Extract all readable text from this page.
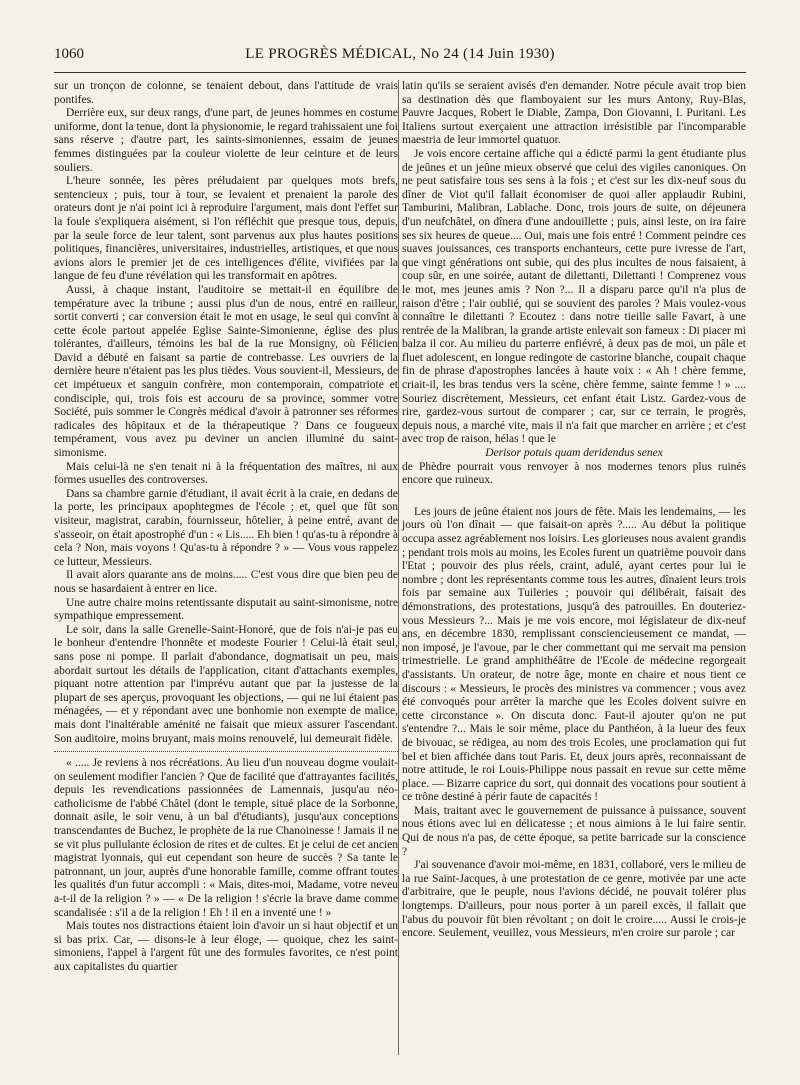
1060	LE PROGRÈS MÉDICAL, No 24 (14 Juin 1930)

sur un tronçon de colonne, se tenaient debout, dans l'attitude de vrais pontifes.

Derrière eux, sur deux rangs, d'une part, de jeunes hommes en costume uniforme, dont la tenue, dont la physionomie, le regard trahissaient une foi sans réserve ; d'autre part, les saints-simoniennes, essaim de jeunes femmes distinguées par la couleur violette de leur ceinture et de leurs souliers.

L'heure sonnée, les pères préludaient par quelques mots brefs, sentencieux ; puis, tour à tour, se levaient et prenaient la parole des orateurs dont je n'ai point ici à reproduire l'argument, mais dont l'effet sur la foule s'expliquera aisément, si l'on réfléchit que presque tous, depuis, par la seule force de leur talent, sont parvenus aux plus hautes positions politiques, financières, universitaires, industrielles, artistiques, et que nous avions alors le premier jet de ces intelligences d'élite, vivifiées par la langue de feu d'une révélation qui les transformait en apôtres.

Aussi, à chaque instant, l'auditoire se mettait-il en équilibre de température avec la tribune ; aussi plus d'un de nous, entré en railleur, sortit converti ; car conversion était le mot en usage, le seul qui convînt à cette école partout appelée Eglise Sainte-Simonienne, église des plus tolérantes, d'ailleurs, témoins les bal de la rue Monsigny, où Félicien David a débuté en faisant sa partie de contrebasse. Les ouvriers de la dernière heure n'étaient pas les plus tièdes. Vous souvient-il, Messieurs, de cet impétueux et sanguin confrère, mon contemporain, compatriote et condisciple, qui, trois fois est accouru de sa province, sommer votre Société, puis sommer le Congrès médical d'avoir à patronner ses réformes radicales des hôpitaux et de la thérapeutique ? Dans ce fougueux tempérament, vous avez pu deviner un ancien illuminé du saint-simonisme.

Mais celui-là ne s'en tenait ni à la fréquentation des maîtres, ni aux formes usuelles des controverses.

Dans sa chambre garnie d'étudiant, il avait écrit à la craie, en dedans de la porte, les principaux apophtegmes de l'école ; et, quel que fût son visiteur, magistrat, carabin, fournisseur, hôtelier, à peine entré, avant de s'asseoir, on était apostrophé d'un : « Lis..... Eh bien ! qu'as-tu à répondre à cela ? Non, mais voyons ! Qu'as-tu à répondre ? » — Vous vous rappelez ce lutteur, Messieurs.

Il avait alors quarante ans de moins..... C'est vous dire que bien peu de nous se hasardaient à entrer en lice.

Une autre chaire moins retentissante disputait au saint-simonisme, notre sympathique empressement.

Le soir, dans la salle Grenelle-Saint-Honoré, que de fois n'ai-je pas eu le bonheur d'entendre l'honnête et modeste Fourier ! Celui-là était seul, sans pose ni pompe. Il parlait d'abondance, dogmatisait un peu, mais abordait surtout les détails de l'application, citant d'attachants exemples, piquant notre attention par l'imprévu autant que par la justesse de la plupart de ses aperçus, provoquant les objections, — qui ne lui étaient pas ménagées, — et y répondant avec une bonhomie non exempte de malice, mais dont l'inaltérable aménité ne faisait que mieux assurer l'ascendant. Son auditoire, moins bruyant, mais moins renouvelé, lui demeurait fidèle.

« ..... Je reviens à nos récréations. Au lieu d'un nouveau dogme voulait-on seulement modifier l'ancien ? Que de facilité que d'attrayantes facilités, depuis les revendications passionnées de Lamennais, jusqu'au néo-catholicisme de l'abbé Châtel (dont le temple, situé place de la Sorbonne, donnait asile, le soir venu, à un bal d'étudiants), jusqu'aux conceptions transcendantes de Buchez, le prophète de la rue Chanoinesse ! Jamais il ne se vit plus pullulante éclosion de rites et de cultes. Et je celui de cet ancien magistrat lyonnais, qui eut cependant son heure de succès ? Sa tante le patronnant, un jour, auprès d'une honorable famille, comme offrant toutes les qualités d'un futur accompli : « Mais, dites-moi, Madame, votre neveu a-t-il de la religion ? » — « De la religion ! s'écrie la brave dame comme scandalisée : s'il a de la religion ! Eh ! il en a inventé une ! »

Mais toutes nos distractions étaient loin d'avoir un si haut objectif et un si bas prix. Car, — disons-le à leur éloge, — quoique, chez les saint-simoniens, l'appel à l'argent fût une des formules favorites, ce n'est point aux capitalistes du quartier

latin qu'ils se seraient avisés d'en demander. Notre pécule avait trop bien sa destination dès que flamboyaient sur les murs Antony, Ruy-Blas, Pauvre Jacques, Robert le Diable, Zampa, Don Giovanni, I. Puritani. Les Italiens surtout exerçaient une attraction irrésistible par l'incomparable maestria de leur immortel quatuor.

Je vois encore certaine affiche qui a édicté parmi la gent étudiante plus de jeûnes et un jeûne mieux observé que celui des vigiles canoniques. On ne peut satisfaire tous ses sens à la fois ; et c'est sur les dix-neuf sous du dîner de Viot qu'il fallait économiser de quoi aller applaudir Rubini, Tamburini, Malibran, Lablache. Donc, trois jours de suite, on déjeunera d'un neufchâtel, on dînera d'une andouillette ; puis, ainsi leste, on ira faire ses six heures de queue.... Oui, mais une fois entré ! Comment peindre ces suaves jouissances, ces transports enchanteurs, cette pure ivresse de l'art, que vingt générations ont subie, qui des plus incultes de nous faisaient, à coup sûr, en une soirée, autant de dilettanti, Dilettanti ! Comprenez vous le mot, mes jeunes amis ? Non ?... Il a disparu parce qu'il n'a plus de raison d'être ; l'air oublié, qui se souvient des paroles ? Mais voulez-vous connaître le dilettanti ? Ecoutez : dans notre tieille salle Favart, à une rentrée de la Malibran, la grande artiste enlevait son fameux : Di piacer mi balza il cor. Au milieu du parterre enfiévré, à deux pas de moi, un pâle et fluet adolescent, en longue redingote de castorine blanche, coupait chaque fin de phrase d'apostrophes lancées à haute voix : « Ah ! chère femme, criait-il, les bras tendus vers la scène, chère femme, sainte femme ! » .... Souriez discrètement, Messieurs, cet enfant était Listz. Gardez-vous de rire, gardez-vous surtout de comparer ; car, sur ce terrain, le progrès, depuis nous, a marché vite, mais il n'a fait que marcher en arrière ; et c'est avec trop de raison, hélas ! que le

Derisor potuis quam deridendus senex

de Phèdre pourrait vous renvoyer à nos modernes tenors plus ruinés encore que ruineux.

Les jours de jeûne étaient nos jours de fête. Mais les lendemains, — les jours où l'on dînait — que faisait-on après ?..... Au début la politique occupa assez agréablement nos loisirs. Les glorieuses nous avaient grandis ; pendant trois mois au moins, les Ecoles furent un quatrième pouvoir dans l'Etat ; pouvoir des plus réels, craint, adulé, ayant certes pour lui le nombre ; dont les représentants comme tous les autres, dînaient leurs trois fois par semaine aux Tuileries ; pouvoir qui délibérait, faisait des démonstrations, des protestations, jusqu'à des patrouilles. En douteriez-vous Messieurs ?... Mais je me vois encore, moi législateur de dix-neuf ans, en décembre 1830, remplissant consciencieusement ce mandat, — non imposé, je l'avoue, par le cher commettant qui me servait ma pension trimestrielle. Le grand amphithéâtre de l'Ecole de médecine regorgeait d'assistants. Un orateur, de notre âge, monte en chaire et nous tient ce discours : « Messieurs, le procès des ministres va commencer ; vous avez été convoqués pour arrêter la marche que les Ecoles doivent suivre en cette circonstance ». On discuta donc. Faut-il ajouter qu'on ne put s'entendre ?... Mais le soir même, place du Panthéon, à la lueur des feux de bivouac, se rédigea, au nom des trois Ecoles, une proclamation qui fut bel et bien affichée dans tout Paris. Et, deux jours après, reconnaissant de notre attitude, le roi Louis-Philippe nous passait en revue sur cette même place. — Bizarre caprice du sort, qui donnait des vocations pour soutient à ce trône destiné à périr faute de capacités !

Mais, traitant avec le gouvernement de puissance à puissance, souvent nous étions avec lui en délicatesse ; et nous aimions à le lui faire sentir. Qui de nous n'a pas, de cette époque, sa petite barricade sur la conscience ?

J'ai souvenance d'avoir moi-même, en 1831, collaboré, vers le milieu de la rue Saint-Jacques, à une protestation de ce genre, motivée par une acte d'arbitraire, que le peuple, nous l'avions décidé, ne pouvait tolérer plus longtemps. D'ailleurs, pour nous porter à un pareil excès, il fallait que l'abus du pouvoir fût bien révoltant ; on doit le croire..... Aussi le crois-je encore. Seulement, veuillez, vous Messieurs, m'en croire sur parole ; car
